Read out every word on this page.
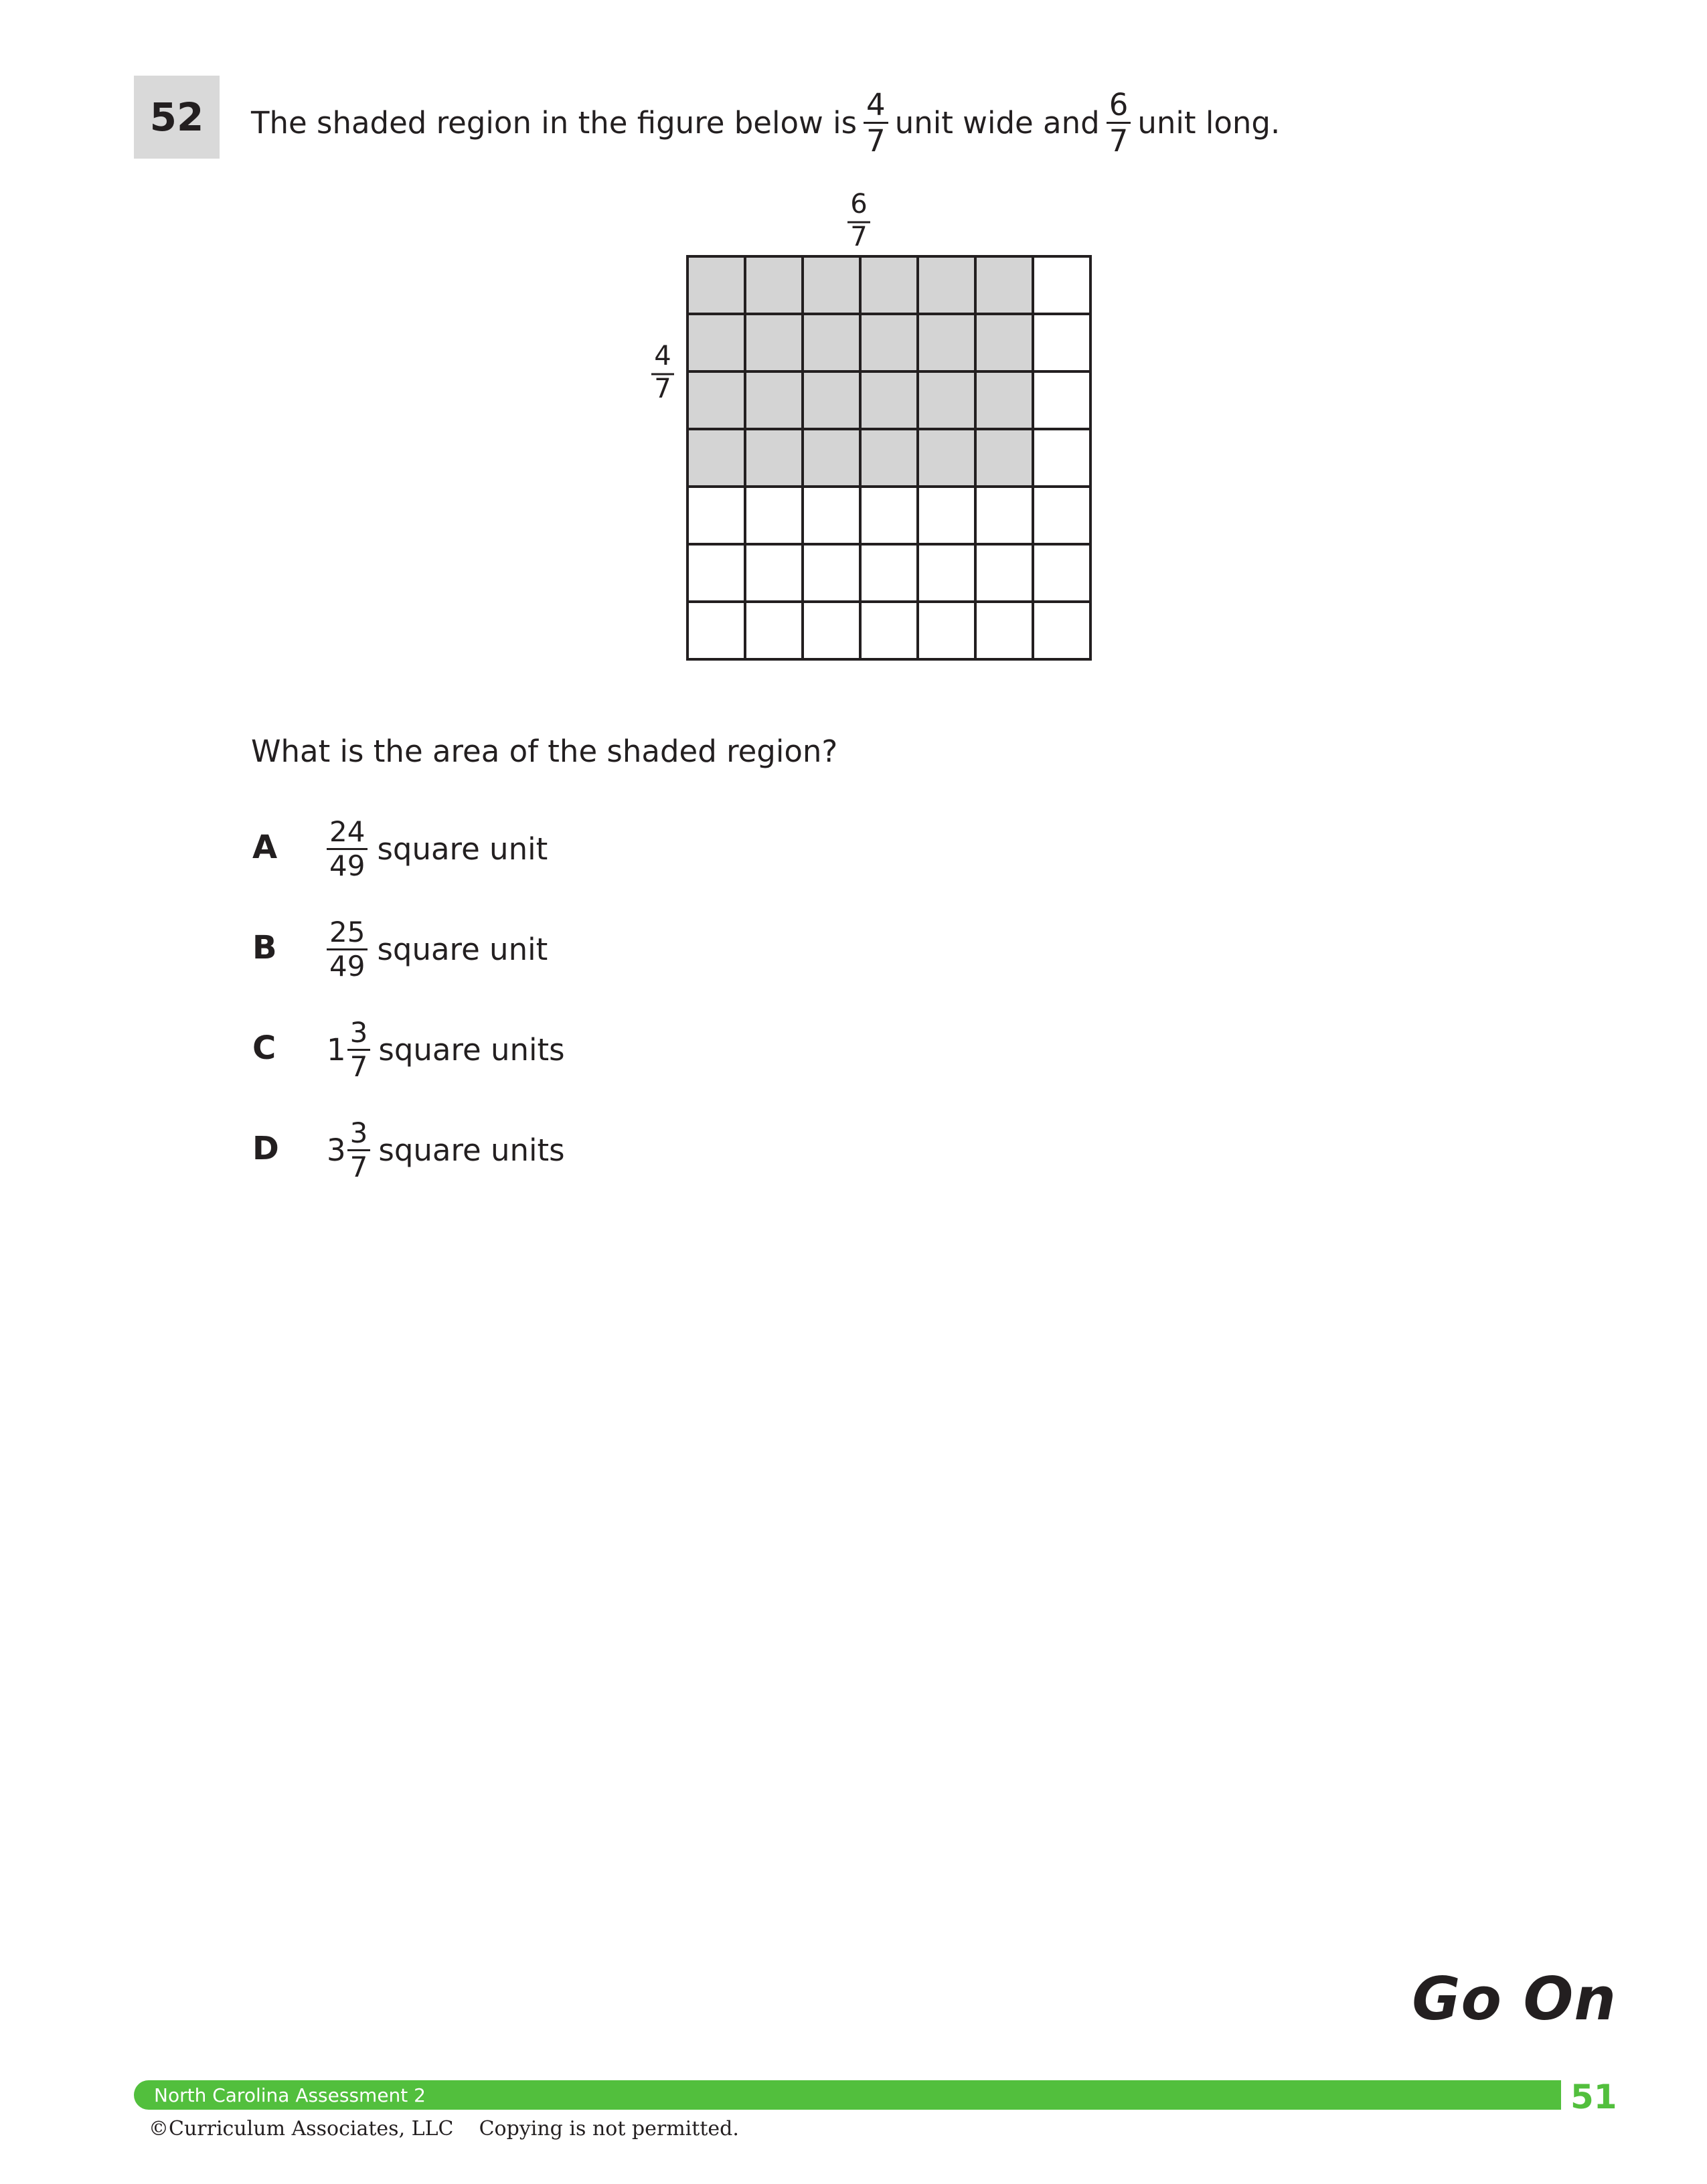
52	The shaded region in the figure below is $\frac{4}{7}$ unit wide and $\frac{6}{7}$ unit long.
6
7
4
7
What is the area of the shaded region?
A $\frac{24}{49}$ square unit
B $\frac{25}{49}$ square unit
C $1 \frac{3}{7}$ square units
D $3 \frac{3}{7}$ square units
Go On
North Carolina Assessment 2	51
©Curriculum Associates, LLC    Copying is not permitted.
